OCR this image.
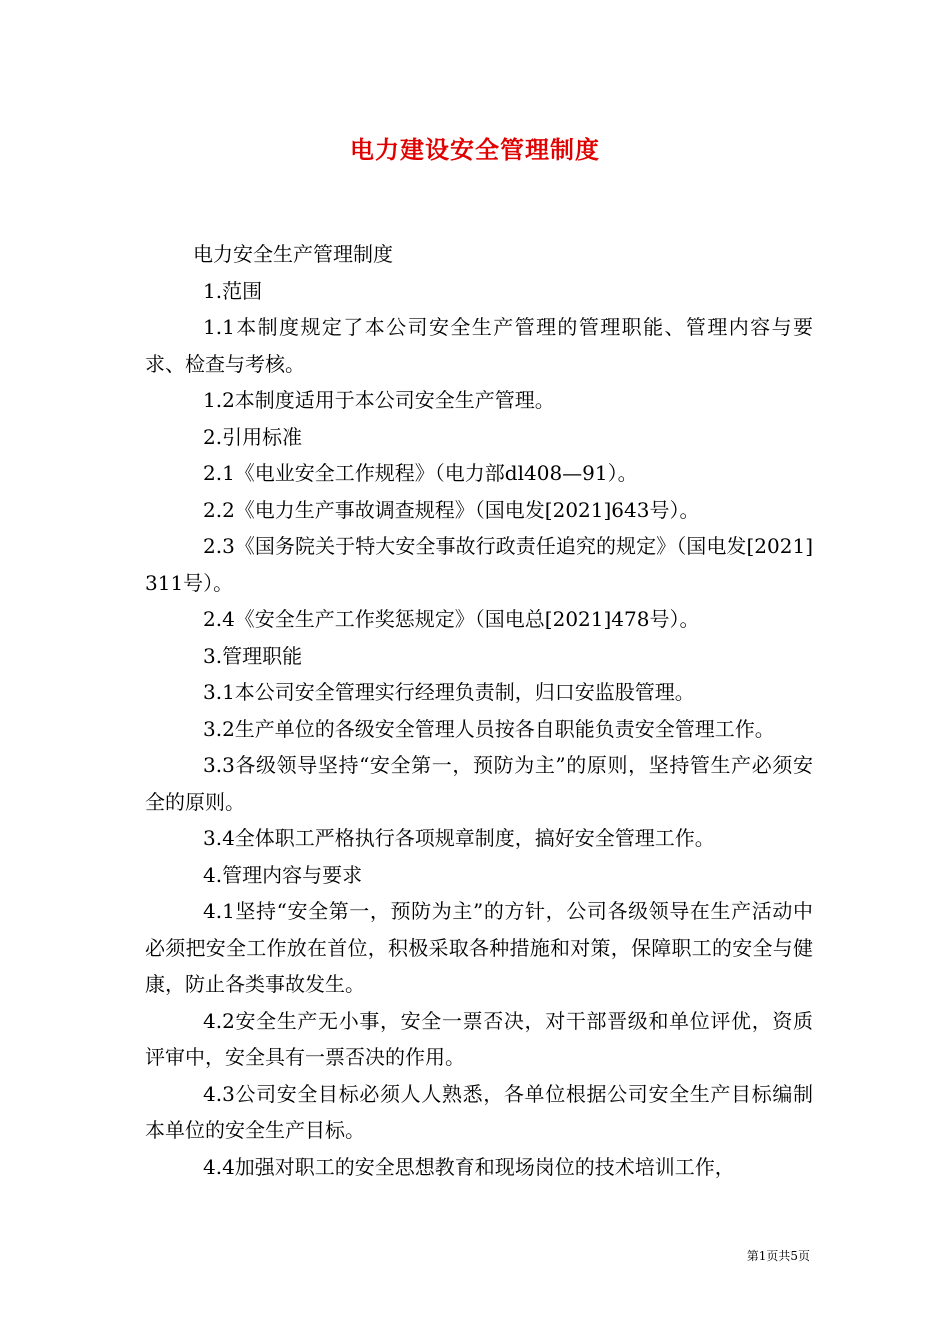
电力建设安全管理制度

电力安全生产管理制度

1.范围

1.1本制度规定了本公司安全生产管理的管理职能、管理内容与要求、检查与考核。

1.2本制度适用于本公司安全生产管理。

2.引用标准

2.1《电业安全工作规程》（电力部dl408—91）。

2.2《电力生产事故调查规程》（国电发[2021]643号）。

2.3《国务院关于特大安全事故行政责任追究的规定》（国电发[2021]311号）。

2.4《安全生产工作奖惩规定》（国电总[2021]478号）。

3.管理职能

3.1本公司安全管理实行经理负责制，归口安监股管理。

3.2生产单位的各级安全管理人员按各自职能负责安全管理工作。

3.3各级领导坚持“安全第一，预防为主”的原则，坚持管生产必须安全的原则。

3.4全体职工严格执行各项规章制度，搞好安全管理工作。

4.管理内容与要求

4.1坚持“安全第一，预防为主”的方针，公司各级领导在生产活动中必须把安全工作放在首位，积极采取各种措施和对策，保障职工的安全与健康，防止各类事故发生。

4.2安全生产无小事，安全一票否决，对干部晋级和单位评优，资质评审中，安全具有一票否决的作用。

4.3公司安全目标必须人人熟悉，各单位根据公司安全生产目标编制本单位的安全生产目标。

4.4加强对职工的安全思想教育和现场岗位的技术培训工作，

第1页共5页
